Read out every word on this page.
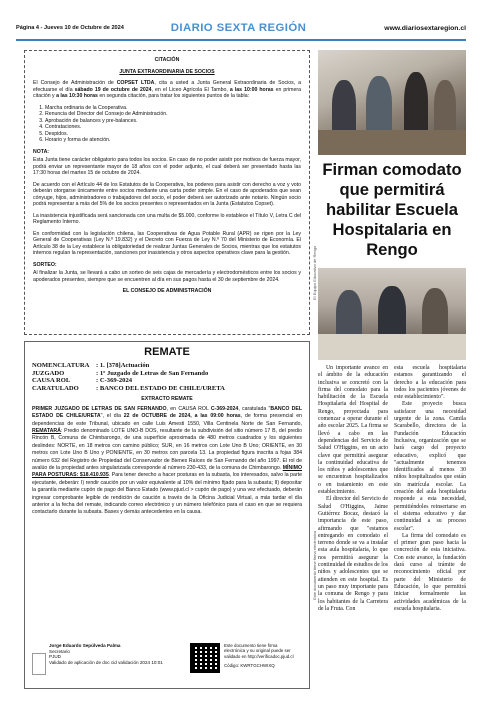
Página 4 - Jueves 10 de Octubre de 2024	DIARIO SEXTA REGIÓN	www.diariosextaregion.cl

CITACIÓN

JUNTA EXTRAORDINARIA DE SOCIOS

El Consejo de Administración de COPSET LTDA, cita a usted a Junta General Extraordinaria de Socios, a efectuarse el día sábado 19 de octubre de 2024, en el Liceo Agrícola El Tambo, a las 10:00 horas en primera citación y a las 10:30 horas en segunda citación, para tratar los siguientes puntos de la tabla:

1. Marcha ordinaria de la Cooperativa.
2. Renuncia del Director del Consejo de Administración.
3. Aprobación de balances y pre-balances.
4. Contrataciones.
5. Despidos.
6. Horario y forma de atención.

NOTA:

Esta Junta tiene carácter obligatorio para todos los socios. En caso de no poder asistir por motivos de fuerza mayor, podrá enviar un representante mayor de 18 años con el poder adjunto, el cual deberá ser presentado hasta las 17:30 horas del martes 15 de octubre de 2024.

De acuerdo con el Artículo 44 de los Estatutos de la Cooperativa, los poderes para asistir con derecho a voz y voto deberán otorgarse únicamente entre socios mediante una carta poder simple. En el caso de apoderados que sean cónyuge, hijos, administradores o trabajadores del socio, el poder deberá ser autorizado ante notario. Ningún socio podrá representar a más del 5% de los socios presentes o representados en la Junta (Estatutos Copset).

La inasistencia injustificada será sancionada con una multa de $5.000, conforme lo establece el Título V, Letra C del Reglamento Interno.

En conformidad con la legislación chilena, las Cooperativas de Agua Potable Rural (APR) se rigen por la Ley General de Cooperativas (Ley N.º 19.832) y el Decreto con Fuerza de Ley N.º 70 del Ministerio de Economía. El Artículo 38 de la Ley establece la obligatoriedad de realizar Juntas Generales de Socios, mientras que los estatutos internos regulan la representación, sanciones por inasistencia y otros aspectos operativos clave para la gestión.

SORTEO:

Al finalizar la Junta, se llevará a cabo un sorteo de seis cajas de mercadería y electrodomésticos entre los socios y apoderados presentes, siempre que se encuentren al día en sus pagos hasta el 30 de septiembre de 2024.

EL CONSEJO DE ADMINISTRACIÓN

REMATE
NOMENCLATURA	: 1. [378]Actuación
JUZGADO	: 1º Juzgado de Letras de San Fernando
CAUSA ROL	: C-369-2024
CARATULADO	: BANCO DEL ESTADO DE CHILE/URETA
EXTRACTO REMATE

PRIMER JUZGADO DE LETRAS DE SAN FERNANDO, en CAUSA ROL C-369-2024, caratulada "BANCO DEL ESTADO DE CHILE/URETA", el día 22 de OCTUBRE de 2024, a las 09:00 horas, de forma presencial en dependencias de este Tribunal, ubicado en calle Luis Amesti 1550, Villa Centinela Norte de San Fernando, REMATARÁ: Predio denominado LOTE UNO-B DOS, resultante de la subdivisión del sitio número 17 B, del predio Rincón B, Comuna de Chimbarongo, de una superficie aproximada de 480 metros cuadrados y los siguientes deslindes: NORTE, en 18 metros con camino público; SUR, en 16 metros con Lote Uno B Uno; ORIENTE, en 30 metros con Lote Uno B Uno y PONIENTE, en 30 metros con parcela 13. La propiedad figura inscrita a fojas 384 número 632 del Registro de Propiedad del Conservador de Bienes Raíces de San Fernando del año 1997. El rol de avalúo de la propiedad antes singularizada corresponde al número 230-433, de la comuna de Chimbarongo. MÍNIMO PARA POSTURAS: $18.410.935. Para tener derecho a hacer posturas en la subasta, los interesados, salvo la parte ejecutante, deberán: I) rendir caución por un valor equivalente al 10% del mínimo fijado para la subasta; II) depositar la garantía mediante cupón de pago del Banco Estado (www.pjud.cl > cupón de pago) y una vez efectuado, deberán ingresar comprobante legible de rendición de caución a través de la Oficina Judicial Virtual, a más tardar el día anterior a la fecha del remate, indicando correo electrónico y un número telefónico para el caso en que se requiera contactarlo durante la subasta. Bases y demás antecedentes en la causa.

Jorge Eduardo Sepúlveda Palma
Secretario
PJUD
Validado de aplicación de doc cid validación 2024 10:01
Este documento tiene firma electrónica y su original puede ser validado en http://verificadoc.pjud.cl
Código: KWRTGCHWIXQ
Firman comodato que permitirá habilitar Escuela Hospitalaria en Rengo
El Equipo Educativo de Rengo
Este documento tiene firma electrónica

Un importante avance en el ámbito de la educación inclusiva se concretó con la firma del comodato para la habilitación de la Escuela Hospitalaria del Hospital de Rengo, proyectada para comenzar a operar durante el año escolar 2025. La firma se llevó a cabo en las dependencias del Servicio de Salud O'Higgins, en un acto clave que permitirá asegurar la continuidad educativa de los niños y adolescentes que se encuentran hospitalizados o en tratamiento en este establecimiento.

El director del Servicio de Salud O'Higgins, Jaime Gutiérrez Bocaz, destacó la importancia de este paso, afirmando que "estamos entregando en comodato el terreno donde se va a instalar esta aula hospitalaria, lo que nos permitirá asegurar la continuidad de estudios de los niños y adolescentes que se atienden en este hospital. Es un paso muy importante para la comuna de Rengo y para los habitantes de la Carretera de la Fruta. Con

esta escuela hospitalaria estamos garantizando el derecho a la educación para todos los pacientes jóvenes de este establecimiento".

Este proyecto busca satisfacer una necesidad urgente de la zona. Camila Scarabello, directora de la Fundación Educación Inclusiva, organización que se hará cargo del proyecto educativo, explicó que "actualmente tenemos identificados al menos 30 niños hospitalizados que están sin matrícula escolar. La creación del aula hospitalaria responde a esta necesidad, permitiéndoles reinsertarse en el sistema educativo y dar continuidad a su proceso escolar".

La firma del comodato es el primer gran paso hacia la concreción de esta iniciativa. Con este avance, la fundación dará curso al trámite de reconocimiento oficial por parte del Ministerio de Educación, lo que permitirá iniciar formalmente las actividades académicas de la escuela hospitalaria.
